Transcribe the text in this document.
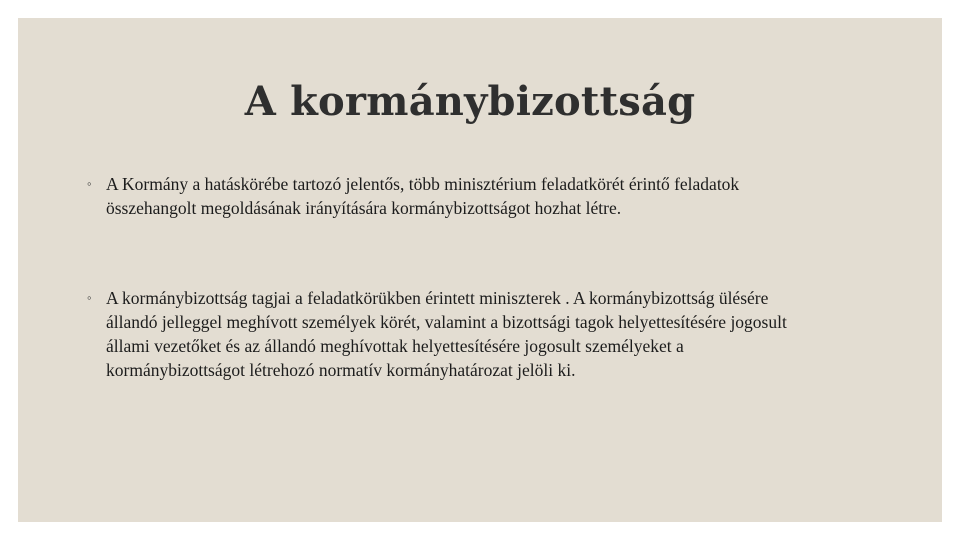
A kormánybizottság
◦ A Kormány a hatáskörébe tartozó jelentős, több minisztérium feladatkörét érintő feladatok összehangolt megoldásának irányítására kormánybizottságot hozhat létre.
◦ A kormánybizottság tagjai a feladatkörükben érintett miniszterek . A kormánybizottság ülésére állandó jelleggel meghívott személyek körét, valamint a bizottsági tagok helyettesítésére jogosult állami vezetőket és az állandó meghívottak helyettesítésére jogosult személyeket a kormánybizottságot létrehozó normatív kormányhatározat jelöli ki.
